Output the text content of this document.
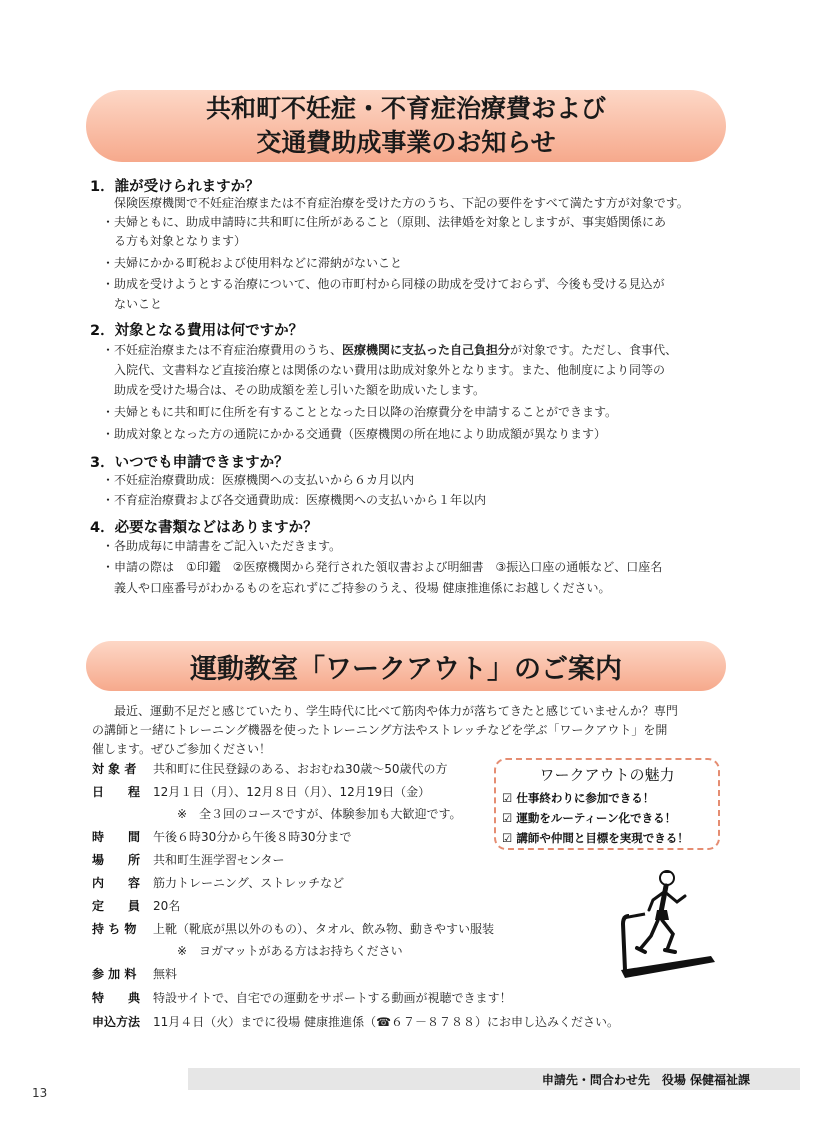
共和町不妊症・不育症治療費および
交通費助成事業のお知らせ
1．誰が受けられますか？
保険医療機関で不妊症治療または不育症治療を受けた方のうち、下記の要件をすべて満たす方が対象です。
・夫婦ともに、助成申請時に共和町に住所があること（原則、法律婚を対象としますが、事実婚関係にあ
る方も対象となります）
・夫婦にかかる町税および使用料などに滞納がないこと
・助成を受けようとする治療について、他の市町村から同様の助成を受けておらず、今後も受ける見込が
ないこと
2．対象となる費用は何ですか？
・不妊症治療または不育症治療費用のうち、医療機関に支払った自己負担分が対象です。ただし、食事代、
入院代、文書料など直接治療とは関係のない費用は助成対象外となります。また、他制度により同等の
助成を受けた場合は、その助成額を差し引いた額を助成いたします。
・夫婦ともに共和町に住所を有することとなった日以降の治療費分を申請することができます。
・助成対象となった方の通院にかかる交通費（医療機関の所在地により助成額が異なります）
3．いつでも申請できますか？
・不妊症治療費助成：医療機関への支払いから６カ月以内
・不育症治療費および各交通費助成：医療機関への支払いから１年以内
4．必要な書類などはありますか？
・各助成毎に申請書をご記入いただきます。
・申請の際は　①印鑑　②医療機関から発行された領収書および明細書　③振込口座の通帳など、口座名
義人や口座番号がわかるものを忘れずにご持参のうえ、役場 健康推進係にお越しください。
運動教室「ワークアウト」のご案内
最近、運動不足だと感じていたり、学生時代に比べて筋肉や体力が落ちてきたと感じていませんか？専門
の講師と一緒にトレーニング機器を使ったトレーニング方法やストレッチなどを学ぶ「ワークアウト」を開
催します。ぜひご参加ください！
対 象 者 共和町に住民登録のある、おおむね30歳～50歳代の方
日　　程 12月１日（月）、12月８日（月）、12月19日（金）
　　※　全３回のコースですが、体験参加も大歓迎です。
時　　間 午後６時30分から午後８時30分まで
場　　所 共和町生涯学習センター
内　　容 筋力トレーニング、ストレッチなど
定　　員 20名
持 ち 物 上靴（靴底が黒以外のもの）、タオル、飲み物、動きやすい服装
　　※　ヨガマットがある方はお持ちください
参 加 料 無料
特　　典 特設サイトで、自宅での運動をサポートする動画が視聴できます！
申込方法 11月４日（火）までに役場 健康推進係（☎６７－８７８８）にお申し込みください。
ワークアウトの魅力
☑ 仕事終わりに参加できる！
☑ 運動をルーティーン化できる！
☑ 講師や仲間と目標を実現できる！
申請先・問合わせ先　役場 保健福祉課
13
